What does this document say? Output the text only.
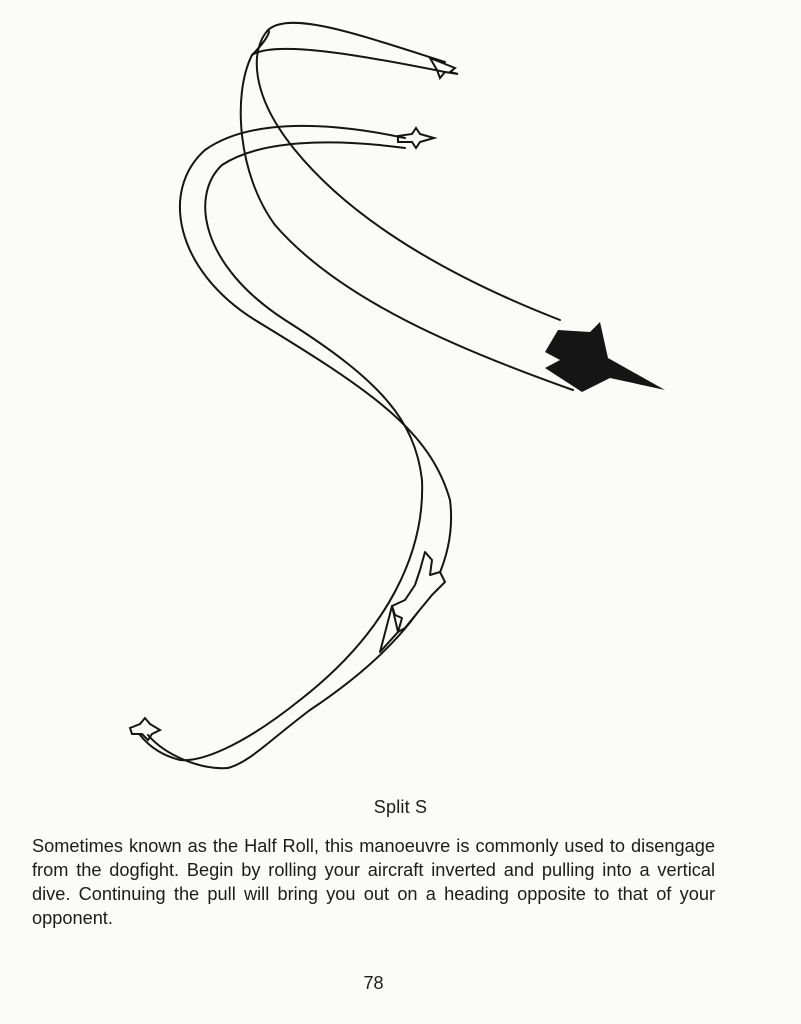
Split S

Sometimes known as the Half Roll, this manoeuvre is commonly used to disengage from the dogfight. Begin by rolling your aircraft inverted and pulling into a vertical dive. Continuing the pull will bring you out on a heading opposite to that of your opponent.

78
